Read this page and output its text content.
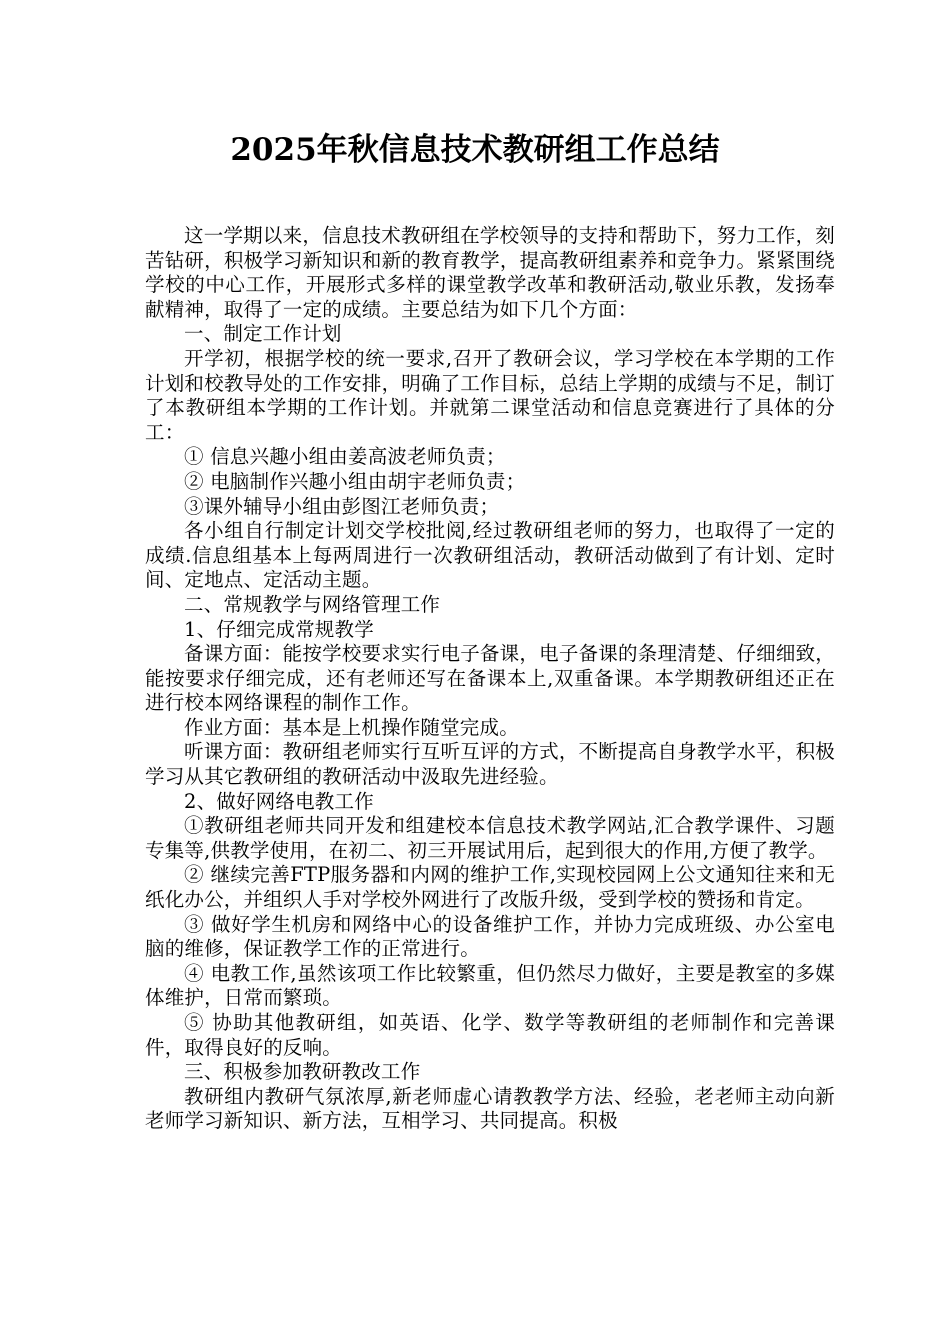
2025年秋信息技术教研组工作总结

这一学期以来，信息技术教研组在学校领导的支持和帮助下，努力工作，刻苦钻研，积极学习新知识和新的教育教学，提高教研组素养和竞争力。紧紧围绕学校的中心工作，开展形式多样的课堂教学改革和教研活动,敬业乐教，发扬奉献精神，取得了一定的成绩。主要总结为如下几个方面：

一、制定工作计划

开学初，根据学校的统一要求,召开了教研会议，学习学校在本学期的工作计划和校教导处的工作安排，明确了工作目标，总结上学期的成绩与不足，制订了本教研组本学期的工作计划。并就第二课堂活动和信息竞赛进行了具体的分工：

① 信息兴趣小组由姜高波老师负责；

② 电脑制作兴趣小组由胡宇老师负责；

③课外辅导小组由彭图江老师负责；

各小组自行制定计划交学校批阅,经过教研组老师的努力，也取得了一定的成绩.信息组基本上每两周进行一次教研组活动，教研活动做到了有计划、定时间、定地点、定活动主题。

二、常规教学与网络管理工作

1、仔细完成常规教学

备课方面：能按学校要求实行电子备课，电子备课的条理清楚、仔细细致，能按要求仔细完成，还有老师还写在备课本上,双重备课。本学期教研组还正在进行校本网络课程的制作工作。

作业方面：基本是上机操作随堂完成。

听课方面：教研组老师实行互听互评的方式，不断提高自身教学水平，积极学习从其它教研组的教研活动中汲取先进经验。

2、做好网络电教工作

①教研组老师共同开发和组建校本信息技术教学网站,汇合教学课件、习题专集等,供教学使用，在初二、初三开展试用后，起到很大的作用,方便了教学。

② 继续完善FTP服务器和内网的维护工作,实现校园网上公文通知往来和无纸化办公，并组织人手对学校外网进行了改版升级，受到学校的赞扬和肯定。

③ 做好学生机房和网络中心的设备维护工作，并协力完成班级、办公室电脑的维修，保证教学工作的正常进行。

④ 电教工作,虽然该项工作比较繁重，但仍然尽力做好，主要是教室的多媒体维护，日常而繁琐。

⑤ 协助其他教研组，如英语、化学、数学等教研组的老师制作和完善课件，取得良好的反响。

三、积极参加教研教改工作

教研组内教研气氛浓厚,新老师虚心请教教学方法、经验，老老师主动向新老师学习新知识、新方法，互相学习、共同提高。积极
